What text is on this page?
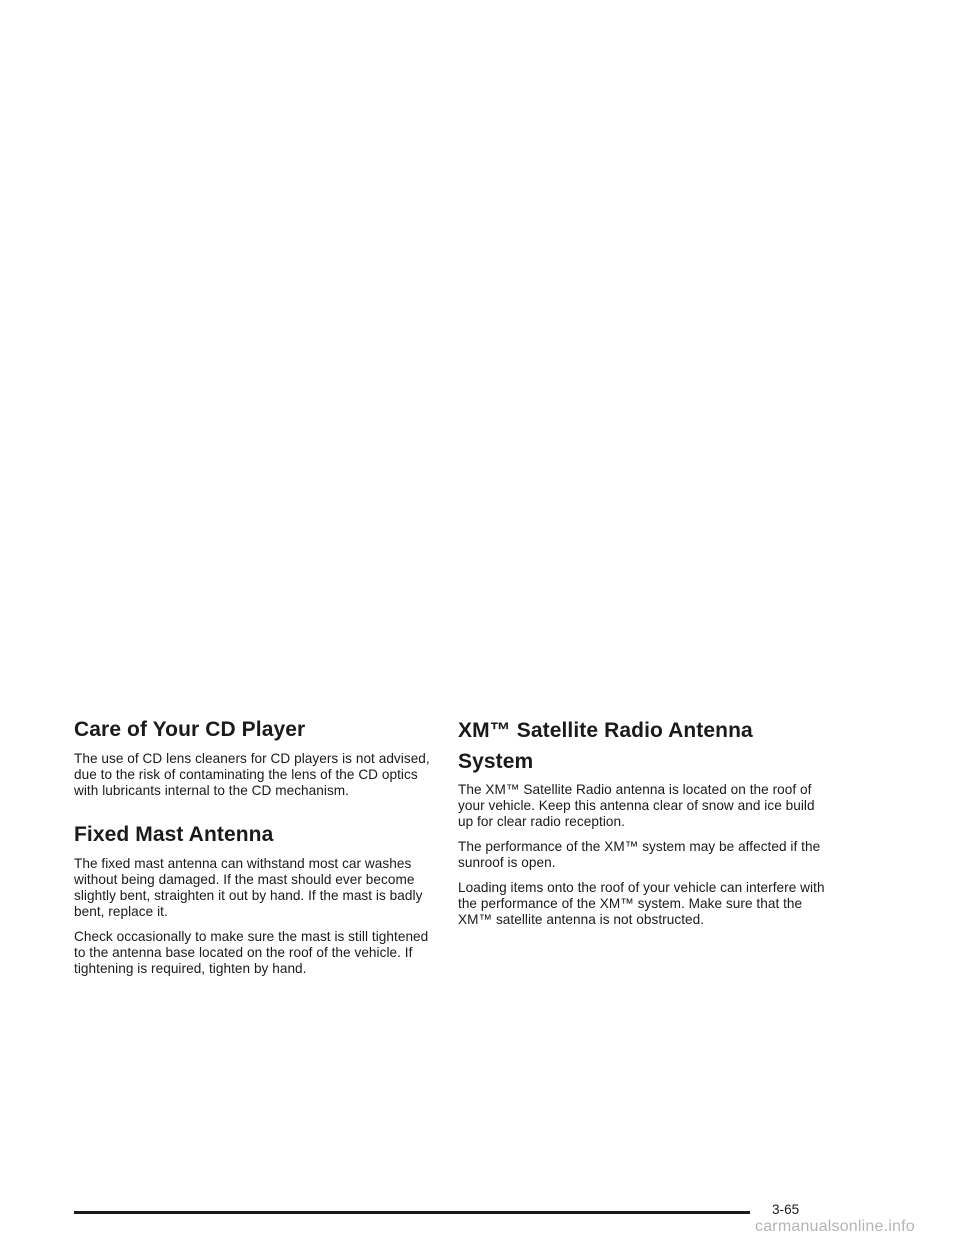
Care of Your CD Player

The use of CD lens cleaners for CD players is not advised, due to the risk of contaminating the lens of the CD optics with lubricants internal to the CD mechanism.

Fixed Mast Antenna

The fixed mast antenna can withstand most car washes without being damaged. If the mast should ever become slightly bent, straighten it out by hand. If the mast is badly bent, replace it.

Check occasionally to make sure the mast is still tightened to the antenna base located on the roof of the vehicle. If tightening is required, tighten by hand.

XM™ Satellite Radio Antenna System

The XM™ Satellite Radio antenna is located on the roof of your vehicle. Keep this antenna clear of snow and ice build up for clear radio reception.

The performance of the XM™ system may be affected if the sunroof is open.

Loading items onto the roof of your vehicle can interfere with the performance of the XM™ system. Make sure that the XM™ satellite antenna is not obstructed.

3-65
carmanualsonline.info
